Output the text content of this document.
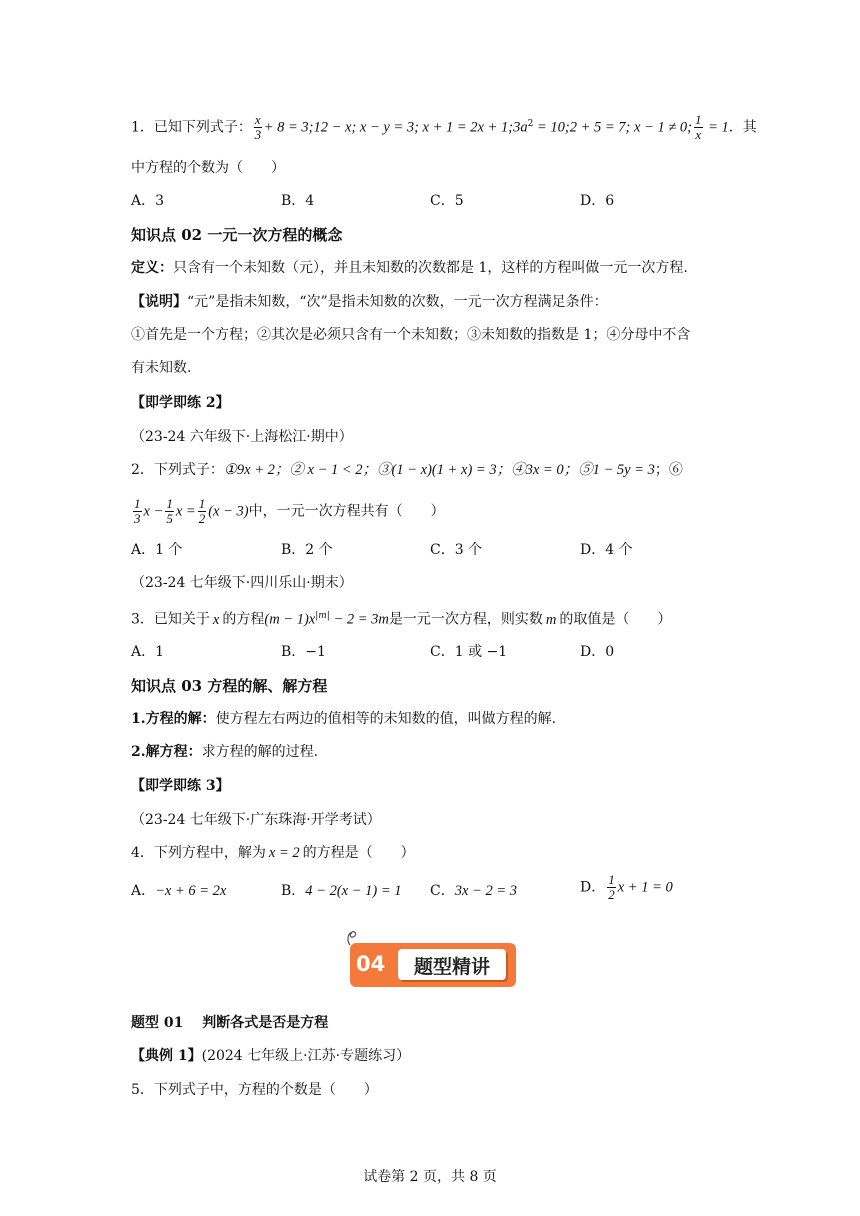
1．已知下列式子： $\frac{x}{3} + 8$ = 3;12 − x; x − y = 3; $x + 1 = 2x + 1;3a^2$ = 10;2 + 5 = 7; x − 1 ≠ 0; $\frac{1}{x} = 1$．其
中方程的个数为（　　）
A．3	B．4	C．5	D．6
知识点 02 一元一次方程的概念
定义：只含有一个未知数（元），并且未知数的次数都是 1，这样的方程叫做一元一次方程.
【说明】“元”是指未知数，“次”是指未知数的次数，一元一次方程满足条件：
①首先是一个方程；②其次是必须只含有一个未知数；③未知数的指数是 1；④分母中不含
有未知数.
【即学即练 2】
（23-24 六年级下·上海松江·期中）
2．下列式子：①9x + 2；② x − 1 < 2；③(1 − x)(1 + x) = 3；④3x = 0；⑤1 − 5y = 3；⑥
$\frac{1}{3}$ $x - \frac{1}{5}$ $x = \frac{1}{2} (x - 3)$中，一元一次方程共有（　　）
A．1 个	B．2 个	C．3 个	D．4 个
（23-24 七年级下·四川乐山·期末）
3．已知关于 x 的方程$(m - 1)x^{|m|} - 2 = 3m$是一元一次方程，则实数 m 的取值是（　　）
A．1	B．−1	C．1 或 −1	D．0
知识点 03 方程的解、解方程
1.方程的解：使方程左右两边的值相等的未知数的值，叫做方程的解.
2.解方程：求方程的解的过程.
【即学即练 3】
（23-24 七年级下·广东珠海·开学考试）
4．下列方程中，解为 x = 2 的方程是（　　）
A．−x + 6 = 2x	B．4 − 2(x − 1) = 1 C．3x − 2 = 3	D． $\frac{1}{2}$ x + 1 = 0
04	题型精讲
题型 01　 判断各式是否是方程
【典例 1】(2024 七年级上·江苏·专题练习）
5．下列式子中，方程的个数是（　　）
试卷第 2 页，共 8 页
